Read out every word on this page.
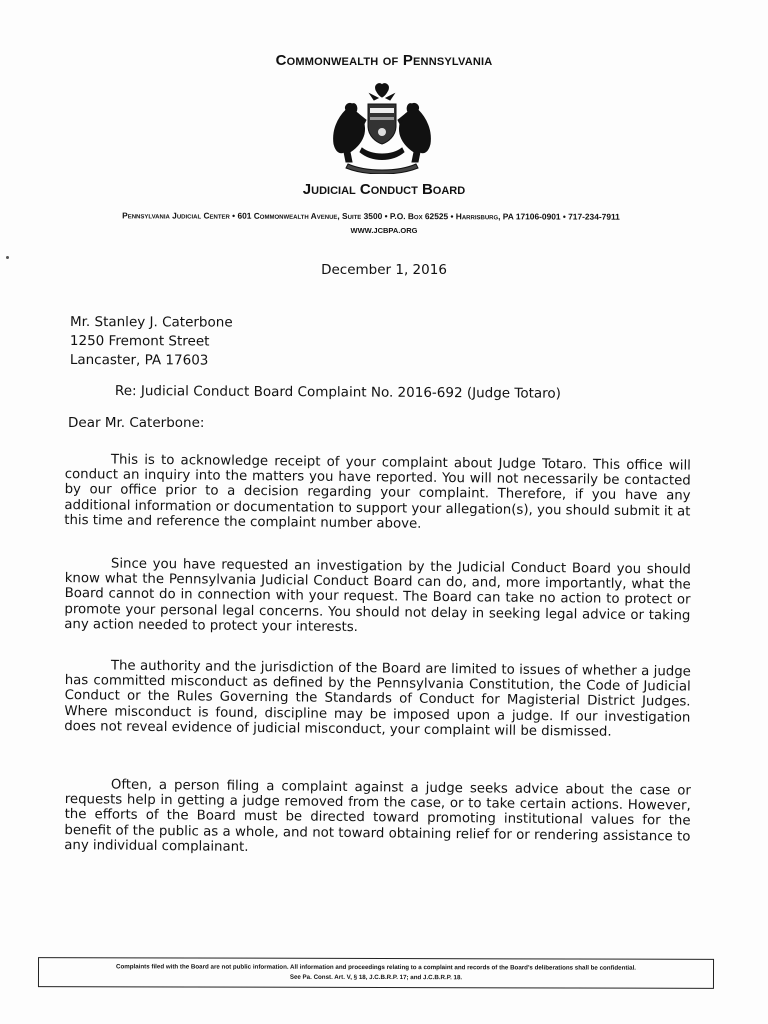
Commonwealth of Pennsylvania
Judicial Conduct Board
Pennsylvania Judicial Center • 601 Commonwealth Avenue, Suite 3500 • P.O. Box 62525 • Harrisburg, PA 17106-0901 • 717-234-7911
WWW.JCBPA.ORG
December 1, 2016
Mr. Stanley J. Caterbone
1250 Fremont Street
Lancaster, PA 17603
Re: Judicial Conduct Board Complaint No. 2016-692 (Judge Totaro)
Dear Mr. Caterbone:
This is to acknowledge receipt of your complaint about Judge Totaro. This office will conduct an inquiry into the matters you have reported. You will not necessarily be contacted by our office prior to a decision regarding your complaint. Therefore, if you have any additional information or documentation to support your allegation(s), you should submit it at this time and reference the complaint number above.
Since you have requested an investigation by the Judicial Conduct Board you should know what the Pennsylvania Judicial Conduct Board can do, and, more importantly, what the Board cannot do in connection with your request. The Board can take no action to protect or promote your personal legal concerns. You should not delay in seeking legal advice or taking any action needed to protect your interests.
The authority and the jurisdiction of the Board are limited to issues of whether a judge has committed misconduct as defined by the Pennsylvania Constitution, the Code of Judicial Conduct or the Rules Governing the Standards of Conduct for Magisterial District Judges. Where misconduct is found, discipline may be imposed upon a judge. If our investigation does not reveal evidence of judicial misconduct, your complaint will be dismissed.
Often, a person filing a complaint against a judge seeks advice about the case or requests help in getting a judge removed from the case, or to take certain actions. However, the efforts of the Board must be directed toward promoting institutional values for the benefit of the public as a whole, and not toward obtaining relief for or rendering assistance to any individual complainant.
Complaints filed with the Board are not public information. All information and proceedings relating to a complaint and records of the Board's deliberations shall be confidential.
See Pa. Const. Art. V, § 18, J.C.B.R.P. 17; and J.C.B.R.P. 18.
